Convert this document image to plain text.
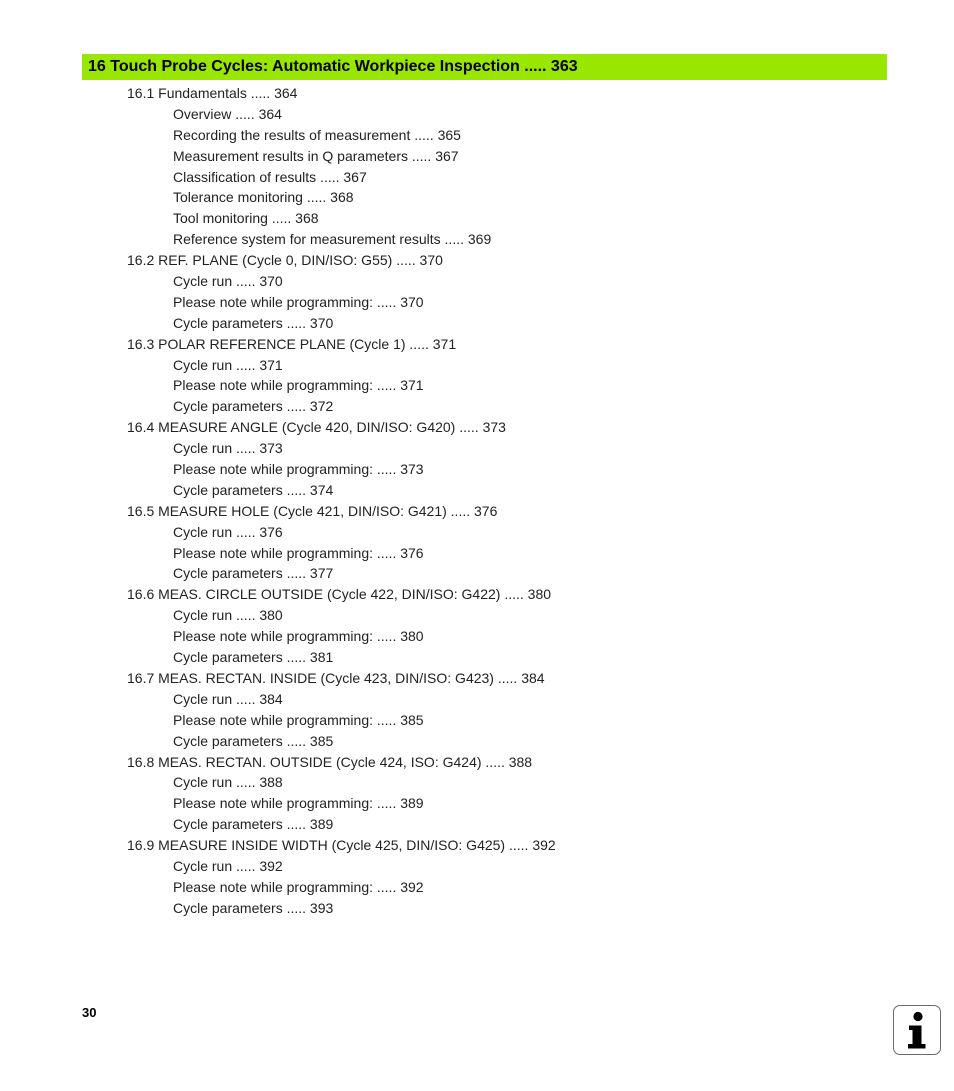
16 Touch Probe Cycles: Automatic Workpiece Inspection ..... 363
16.1 Fundamentals ..... 364
Overview ..... 364
Recording the results of measurement ..... 365
Measurement results in Q parameters ..... 367
Classification of results ..... 367
Tolerance monitoring ..... 368
Tool monitoring ..... 368
Reference system for measurement results ..... 369
16.2 REF. PLANE (Cycle 0, DIN/ISO: G55) ..... 370
Cycle run ..... 370
Please note while programming: ..... 370
Cycle parameters ..... 370
16.3 POLAR REFERENCE PLANE (Cycle 1) ..... 371
Cycle run ..... 371
Please note while programming: ..... 371
Cycle parameters ..... 372
16.4 MEASURE ANGLE (Cycle 420, DIN/ISO: G420) ..... 373
Cycle run ..... 373
Please note while programming: ..... 373
Cycle parameters ..... 374
16.5 MEASURE HOLE (Cycle 421, DIN/ISO: G421) ..... 376
Cycle run ..... 376
Please note while programming: ..... 376
Cycle parameters ..... 377
16.6 MEAS. CIRCLE OUTSIDE (Cycle 422, DIN/ISO: G422) ..... 380
Cycle run ..... 380
Please note while programming: ..... 380
Cycle parameters ..... 381
16.7 MEAS. RECTAN. INSIDE (Cycle 423, DIN/ISO: G423) ..... 384
Cycle run ..... 384
Please note while programming: ..... 385
Cycle parameters ..... 385
16.8 MEAS. RECTAN. OUTSIDE (Cycle 424, ISO: G424) ..... 388
Cycle run ..... 388
Please note while programming: ..... 389
Cycle parameters ..... 389
16.9 MEASURE INSIDE WIDTH (Cycle 425, DIN/ISO: G425) ..... 392
Cycle run ..... 392
Please note while programming: ..... 392
Cycle parameters ..... 393
30
